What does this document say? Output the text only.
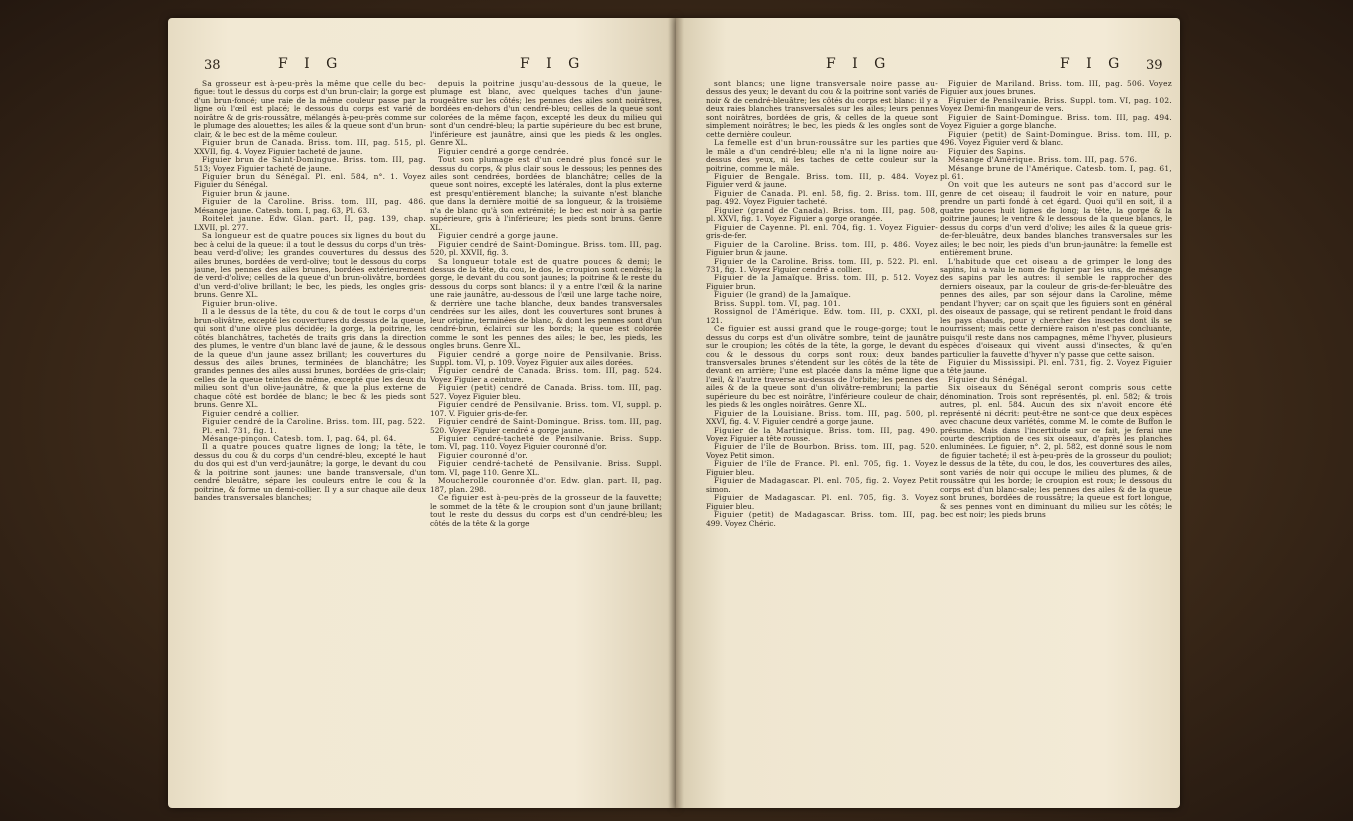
38	F I G	F I G

Sa grosseur est à-peu-près la même que celle du bec-figue: tout le dessus du corps est d'un brun-clair; la gorge est d'un brun-foncé; une raie de la même couleur passe par la ligne où l'œil est placé; le dessous du corps est varié de noirâtre & de gris-roussâtre, mélangés à-peu-près comme sur le plumage des alouettes; les ailes & la queue sont d'un brun-clair, & le bec est de la même couleur.

Figuier brun de Canada. Briss. tom. III, pag. 515, pl. XXVII, fig. 4. Voyez Figuier tacheté de jaune.

Figuier brun de Saint-Domingue. Briss. tom. III, pag. 513; Voyez Figuier tacheté de jaune.

Figuier brun du Sénégal. Pl. enl. 584, n°. 1. Voyez Figuier du Sénégal.

Figuier brun & jaune.

Figuier de la Caroline. Briss. tom. III, pag. 486. Mésange jaune. Catesb. tom. I, pag. 63, Pl. 63.

Roitelet jaune. Edw. Glan. part. II, pag. 139, chap. LXVII, pl. 277.

Sa longueur est de quatre pouces six lignes du bout du bec à celui de la queue: il a tout le dessus du corps d'un très-beau verd-d'olive; les grandes couvertures du dessus des ailes brunes, bordées de verd-olive; tout le dessous du corps jaune, les pennes des ailes brunes, bordées extérieurement de verd-d'olive; celles de la queue d'un brun-olivâtre, bordées d'un verd-d'olive brillant; le bec, les pieds, les ongles gris-bruns. Genre XL.

Figuier brun-olive.

Il a le dessus de la tête, du cou & de tout le corps d'un brun-olivâtre, excepté les couvertures du dessus de la queue, qui sont d'une olive plus décidée; la gorge, la poitrine, les côtés blanchâtres, tachetés de traits gris dans la direction des plumes, le ventre d'un blanc lavé de jaune, & le dessous de la queue d'un jaune assez brillant; les couvertures du dessus des ailes brunes, terminées de blanchâtre; les grandes pennes des ailes aussi brunes, bordées de gris-clair; celles de la queue teintes de même, excepté que les deux du milieu sont d'un olive-jaunâtre, & que la plus externe de chaque côté est bordée de blanc; le bec & les pieds sont bruns. Genre XL.

Figuier cendré a collier.

Figuier cendré de la Caroline. Briss. tom. III, pag. 522.

Pl. enl. 731, fig. 1.

Mésange-pinçon. Catesb. tom. I, pag. 64, pl. 64.

Il a quatre pouces quatre lignes de long; la tête, le dessus du cou & du corps d'un cendré-bleu, excepté le haut du dos qui est d'un verd-jaunâtre; la gorge, le devant du cou & la poitrine sont jaunes: une bande transversale, d'un cendré bleuâtre, sépare les couleurs entre le cou & la poitrine, & forme un demi-collier. Il y a sur chaque aile deux bandes transversales blanches;

depuis la poitrine jusqu'au-dessous de la queue, le plumage est blanc, avec quelques taches d'un jaune-rougeâtre sur les côtés; les pennes des ailes sont noirâtres, bordées en-dehors d'un cendré-bleu; celles de la queue sont colorées de la même façon, excepté les deux du milieu qui sont d'un cendré-bleu; la partie supérieure du bec est brune, l'inférieure est jaunâtre, ainsi que les pieds & les ongles. Genre XL.

Figuier cendré a gorge cendrée.

Tout son plumage est d'un cendré plus foncé sur le dessus du corps, & plus clair sous le dessous; les pennes des ailes sont cendrées, bordées de blanchâtre; celles de la queue sont noires, excepté les latérales, dont la plus externe est presqu'entièrement blanche; la suivante n'est blanche que dans la dernière moitié de sa longueur, & la troisième n'a de blanc qu'à son extrémité; le bec est noir à sa partie supérieure, gris à l'inférieure; les pieds sont bruns. Genre XL.

Figuier cendré a gorge jaune.

Figuier cendré de Saint-Domingue. Briss. tom. III, pag. 520, pl. XXVII, fig. 3.

Sa longueur totale est de quatre pouces & demi; le dessus de la tête, du cou, le dos, le croupion sont cendrés; la gorge, le devant du cou sont jaunes; la poitrine & le reste du dessous du corps sont blancs: il y a entre l'œil & la narine une raie jaunâtre, au-dessous de l'œil une large tache noire, & derrière une tache blanche, deux bandes transversales cendrées sur les ailes, dont les couvertures sont brunes à leur origine, terminées de blanc, & dont les pennes sont d'un cendré-brun, éclairci sur les bords; la queue est colorée comme le sont les pennes des ailes; le bec, les pieds, les ongles bruns. Genre XL.

Figuier cendré a gorge noire de Pensilvanie. Briss. Suppl. tom. VI, p. 109. Voyez Figuier aux ailes dorées.

Figuier cendré de Canada. Briss. tom. III, pag. 524. Voyez Figuier a ceinture.

Figuier (petit) cendré de Canada. Briss. tom. III, pag. 527. Voyez Figuier bleu.

Figuier cendré de Pensilvanie. Briss. tom. VI, suppl. p. 107. V. Figuier gris-de-fer.

Figuier cendré de Saint-Domingue. Briss. tom. III, pag. 520. Voyez Figuier cendré a gorge jaune.

Figuier cendré-tacheté de Pensilvanie. Briss. Supp. tom. VI, pag. 110. Voyez Figuier couronné d'or.

Figuier couronné d'or.

Figuier cendré-tacheté de Pensilvanie. Briss. Suppl. tom. VI, page 110. Genre XL.

Moucherolle couronnée d'or. Edw. glan. part. II, pag. 187, plan. 298.

Ce figuier est à-peu-près de la grosseur de la fauvette; le sommet de la tête & le croupion sont d'un jaune brillant; tout le reste du dessus du corps est d'un cendré-bleu; les côtés de la tête & la gorge

F I G	F I G 39

sont blancs; une ligne transversale noire passe au-dessus des yeux; le devant du cou & la poitrine sont variés de noir & de cendré-bleuâtre; les côtés du corps est blanc: il y a deux raies blanches transversales sur les ailes; leurs pennes sont noirâtres, bordées de gris, & celles de la queue sont simplement noirâtres; le bec, les pieds & les ongles sont de cette dernière couleur.

La femelle est d'un brun-roussâtre sur les parties que le mâle a d'un cendré-bleu; elle n'a ni la ligne noire au-dessus des yeux, ni les taches de cette couleur sur la poitrine, comme le mâle.

Figuier de Bengale. Briss. tom. III, p. 484. Voyez Figuier verd & jaune.

Figuier de Canada. Pl. enl. 58, fig. 2. Briss. tom. III, pag. 492. Voyez Figuier tacheté.

Figuier (grand de Canada). Briss. tom. III, pag. 508, pl. XXVI, fig. 1. Voyez Figuier a gorge orangée.

Figuier de Cayenne. Pl. enl. 704, fig. 1. Voyez Figuier-gris-de-fer.

Figuier de la Caroline. Briss. tom. III, p. 486. Voyez Figuier brun & jaune.

Figuier de la Caroline. Briss. tom. III, p. 522. Pl. enl. 731, fig. 1. Voyez Figuier cendré a collier.

Figuier de la Jamaïque. Briss. tom. III, p. 512. Voyez Figuier brun.

Figuier (le grand) de la Jamaïque.

Briss. Suppl. tom. VI, pag. 101.

Rossignol de l'Amérique. Edw. tom. III, p. CXXI, pl. 121.

Ce figuier est aussi grand que le rouge-gorge; tout le dessus du corps est d'un olivâtre sombre, teint de jaunâtre sur le croupion; les côtés de la tête, la gorge, le devant du cou & le dessous du corps sont roux: deux bandes transversales brunes s'étendent sur les côtés de la tête de devant en arrière; l'une est placée dans la même ligne que l'œil, & l'autre traverse au-dessus de l'orbite; les pennes des ailes & de la queue sont d'un olivâtre-rembruni; la partie supérieure du bec est noirâtre, l'inférieure couleur de chair, les pieds & les ongles noirâtres. Genre XL.

Figuier de la Louisiane. Briss. tom. III, pag. 500, pl. XXVI, fig. 4. V. Figuier cendré a gorge jaune.

Figuier de la Martinique. Briss. tom. III, pag. 490. Voyez Figuier a tête rousse.

Figuier de l'île de Bourbon. Briss. tom. III, pag. 520. Voyez Petit simon.

Figuier de l'île de France. Pl. enl. 705, fig. 1. Voyez Figuier bleu.

Figuier de Madagascar. Pl. enl. 705, fig. 2. Voyez Petit simon.

Figuier de Madagascar. Pl. enl. 705, fig. 3. Voyez Figuier bleu.

Figuier (petit) de Madagascar. Briss. tom. III, pag. 499. Voyez Chéric.

Figuier de Mariland. Briss. tom. III, pag. 506. Voyez Figuier aux joues brunes.

Figuier de Pensilvanie. Briss. Suppl. tom. VI, pag. 102. Voyez Demi-fin mangeur de vers.

Figuier de Saint-Domingue. Briss. tom. III, pag. 494. Voyez Figuier a gorge blanche.

Figuier (petit) de Saint-Domingue. Briss. tom. III, p. 496. Voyez Figuier verd & blanc.

Figuier des Sapins.

Mésange d'Amérique. Briss. tom. III, pag. 576.

Mésange brune de l'Amérique. Catesb. tom. I, pag. 61, pl. 61.

On voit que les auteurs ne sont pas d'accord sur le genre de cet oiseau; il faudroit le voir en nature, pour prendre un parti fondé à cet égard. Quoi qu'il en soit, il a quatre pouces huit lignes de long; la tête, la gorge & la poitrine jaunes; le ventre & le dessous de la queue blancs, le dessus du corps d'un verd d'olive; les ailes & la queue gris-de-fer-bleuâtre, deux bandes blanches transversales sur les ailes; le bec noir, les pieds d'un brun-jaunâtre: la femelle est entièrement brune.

L'habitude que cet oiseau a de grimper le long des sapins, lui a valu le nom de figuier par les uns, de mésange des sapins par les autres: il semble le rapprocher des derniers oiseaux, par la couleur de gris-de-fer-bleuâtre des pennes des ailes, par son séjour dans la Caroline, même pendant l'hyver; car on sçait que les figuiers sont en général des oiseaux de passage, qui se retirent pendant le froid dans les pays chauds, pour y chercher des insectes dont ils se nourrissent; mais cette dernière raison n'est pas concluante, puisqu'il reste dans nos campagnes, même l'hyver, plusieurs espèces d'oiseaux qui vivent aussi d'insectes, & qu'en particulier la fauvette d'hyver n'y passe que cette saison.

Figuier du Mississipi. Pl. enl. 731, fig. 2. Voyez Figuier a tête jaune.

Figuier du Sénégal.

Six oiseaux du Sénégal seront compris sous cette dénomination. Trois sont représentés, pl. enl. 582; & trois autres, pl. enl. 584. Aucun des six n'avoit encore été représenté ni décrit: peut-être ne sont-ce que deux espèces avec chacune deux variétés, comme M. le comte de Buffon le présume. Mais dans l'incertitude sur ce fait, je ferai une courte description de ces six oiseaux, d'après les planches enluminées. Le figuier, n°. 2, pl. 582, est donné sous le nom de figuier tacheté; il est à-peu-près de la grosseur du pouliot; le dessus de la tête, du cou, le dos, les couvertures des ailes, sont variés de noir qui occupe le milieu des plumes, & de roussâtre qui les borde; le croupion est roux; le dessous du corps est d'un blanc-sale; les pennes des ailes & de la queue sont brunes, bordées de roussâtre; la queue est fort longue, & ses pennes vont en diminuant du milieu sur les côtés; le bec est noir; les pieds bruns
